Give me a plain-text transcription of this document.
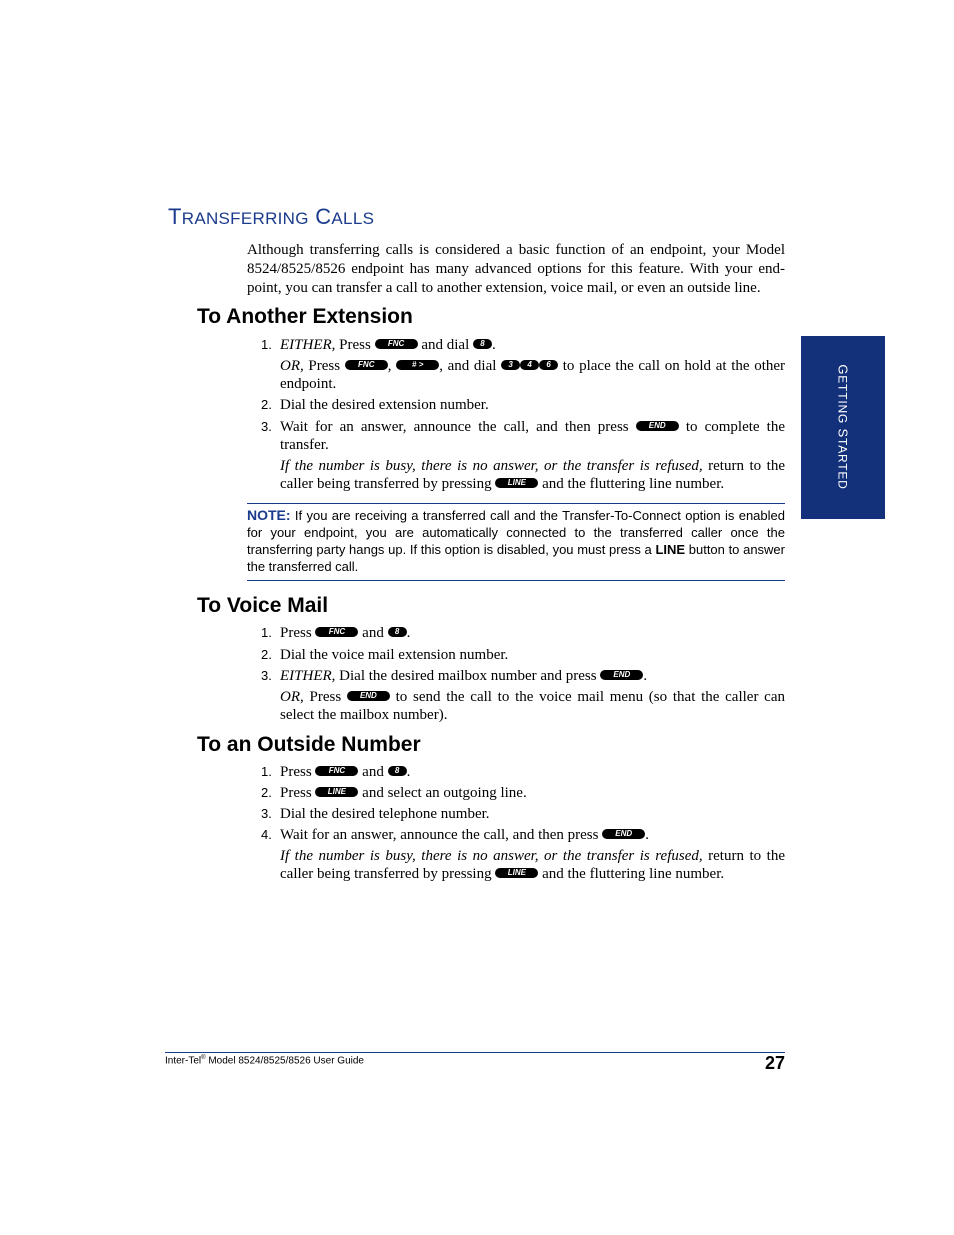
TRANSFERRING CALLS

Although transferring calls is considered a basic function of an endpoint, your Model 8524/8525/8526 endpoint has many advanced options for this feature. With your endpoint, you can transfer a call to another extension, voice mail, or even an outside line.

To Another Extension
1. EITHER, Press FNC and dial 8 .
OR, Press FNC , # > , and dial 3 4 6 to place the call on hold at the other endpoint.
2. Dial the desired extension number.
3. Wait for an answer, announce the call, and then press END to complete the transfer.
If the number is busy, there is no answer, or the transfer is refused, return to the caller being transferred by pressing LINE and the fluttering line number.

NOTE: If you are receiving a transferred call and the Transfer-To-Connect option is enabled for your endpoint, you are automatically connected to the transferred caller once the transferring party hangs up. If this option is disabled, you must press a LINE button to answer the transferred call.

To Voice Mail
1. Press FNC and 8 .
2. Dial the voice mail extension number.
3. EITHER, Dial the desired mailbox number and press END .
OR, Press END to send the call to the voice mail menu (so that the caller can select the mailbox number).
To an Outside Number
1. Press FNC and 8 .
2. Press LINE and select an outgoing line.
3. Dial the desired telephone number.
4. Wait for an answer, announce the call, and then press END .
If the number is busy, there is no answer, or the transfer is refused, return to the caller being transferred by pressing LINE and the fluttering line number.
GETTING STARTED
Inter-Tel® Model 8524/8525/8526 User Guide	27
